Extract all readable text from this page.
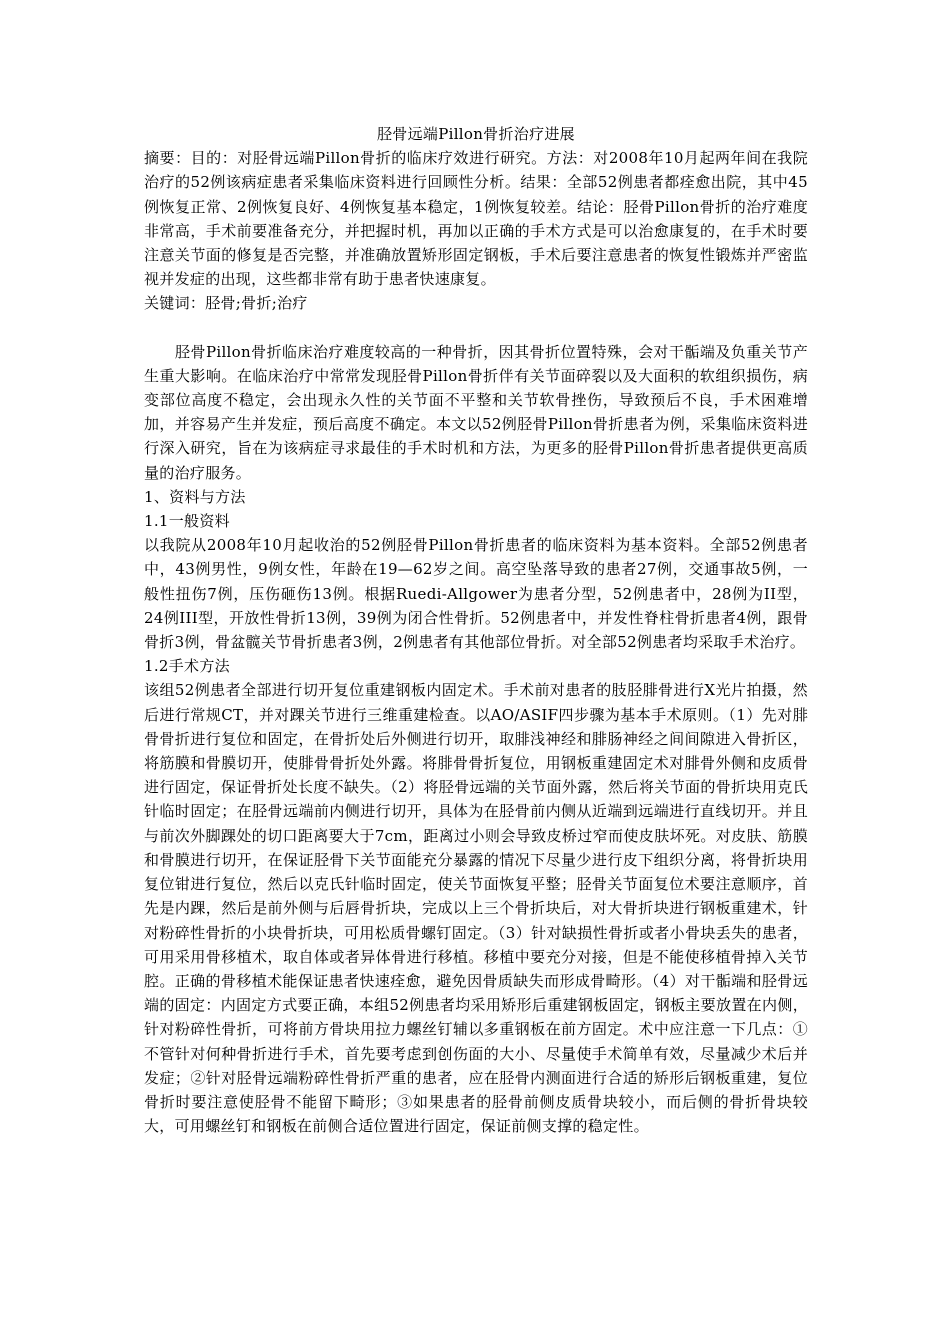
胫骨远端Pillon骨折治疗进展

摘要：目的：对胫骨远端Pillon骨折的临床疗效进行研究。方法：对2008年10月起两年间在我院治疗的52例该病症患者采集临床资料进行回顾性分析。结果：全部52例患者都痊愈出院，其中45例恢复正常、2例恢复良好、4例恢复基本稳定，1例恢复较差。结论：胫骨Pillon骨折的治疗难度非常高，手术前要准备充分，并把握时机，再加以正确的手术方式是可以治愈康复的，在手术时要注意关节面的修复是否完整，并准确放置矫形固定钢板，手术后要注意患者的恢复性锻炼并严密监视并发症的出现，这些都非常有助于患者快速康复。

关键词：胫骨;骨折;治疗

胫骨Pillon骨折临床治疗难度较高的一种骨折，因其骨折位置特殊，会对干骺端及负重关节产生重大影响。在临床治疗中常常发现胫骨Pillon骨折伴有关节面碎裂以及大面积的软组织损伤，病变部位高度不稳定，会出现永久性的关节面不平整和关节软骨挫伤，导致预后不良，手术困难增加，并容易产生并发症，预后高度不确定。本文以52例胫骨Pillon骨折患者为例，采集临床资料进行深入研究，旨在为该病症寻求最佳的手术时机和方法，为更多的胫骨Pillon骨折患者提供更高质量的治疗服务。

1、资料与方法

1.1一般资料

以我院从2008年10月起收治的52例胫骨Pillon骨折患者的临床资料为基本资料。全部52例患者中，43例男性，9例女性，年龄在19—62岁之间。高空坠落导致的患者27例，交通事故5例，一般性扭伤7例，压伤砸伤13例。根据Ruedi-Allgower为患者分型，52例患者中，28例为II型，24例III型，开放性骨折13例，39例为闭合性骨折。52例患者中，并发性脊柱骨折患者4例，跟骨骨折3例，骨盆髋关节骨折患者3例，2例患者有其他部位骨折。对全部52例患者均采取手术治疗。

1.2手术方法

该组52例患者全部进行切开复位重建钢板内固定术。手术前对患者的肢胫腓骨进行X光片拍摄，然后进行常规CT，并对踝关节进行三维重建检查。以AO/ASIF四步骤为基本手术原则。（1）先对腓骨骨折进行复位和固定，在骨折处后外侧进行切开，取腓浅神经和腓肠神经之间间隙进入骨折区，将筋膜和骨膜切开，使腓骨骨折处外露。将腓骨骨折复位，用钢板重建固定术对腓骨外侧和皮质骨进行固定，保证骨折处长度不缺失。（2）将胫骨远端的关节面外露，然后将关节面的骨折块用克氏针临时固定；在胫骨远端前内侧进行切开，具体为在胫骨前内侧从近端到远端进行直线切开。并且与前次外脚踝处的切口距离要大于7cm，距离过小则会导致皮桥过窄而使皮肤坏死。对皮肤、筋膜和骨膜进行切开，在保证胫骨下关节面能充分暴露的情况下尽量少进行皮下组织分离，将骨折块用复位钳进行复位，然后以克氏针临时固定，使关节面恢复平整；胫骨关节面复位术要注意顺序，首先是内踝，然后是前外侧与后唇骨折块，完成以上三个骨折块后，对大骨折块进行钢板重建术，针对粉碎性骨折的小块骨折块，可用松质骨螺钉固定。（3）针对缺损性骨折或者小骨块丢失的患者，可用采用骨移植术，取自体或者异体骨进行移植。移植中要充分对接，但是不能使移植骨掉入关节腔。正确的骨移植术能保证患者快速痊愈，避免因骨质缺失而形成骨畸形。（4）对干骺端和胫骨远端的固定：内固定方式要正确，本组52例患者均采用矫形后重建钢板固定，钢板主要放置在内侧，针对粉碎性骨折，可将前方骨块用拉力螺丝钉辅以多重钢板在前方固定。术中应注意一下几点：①不管针对何种骨折进行手术，首先要考虑到创伤面的大小、尽量使手术简单有效，尽量减少术后并发症；②针对胫骨远端粉碎性骨折严重的患者，应在胫骨内测面进行合适的矫形后钢板重建，复位骨折时要注意使胫骨不能留下畸形；③如果患者的胫骨前侧皮质骨块较小，而后侧的骨折骨块较大，可用螺丝钉和钢板在前侧合适位置进行固定，保证前侧支撑的稳定性。
